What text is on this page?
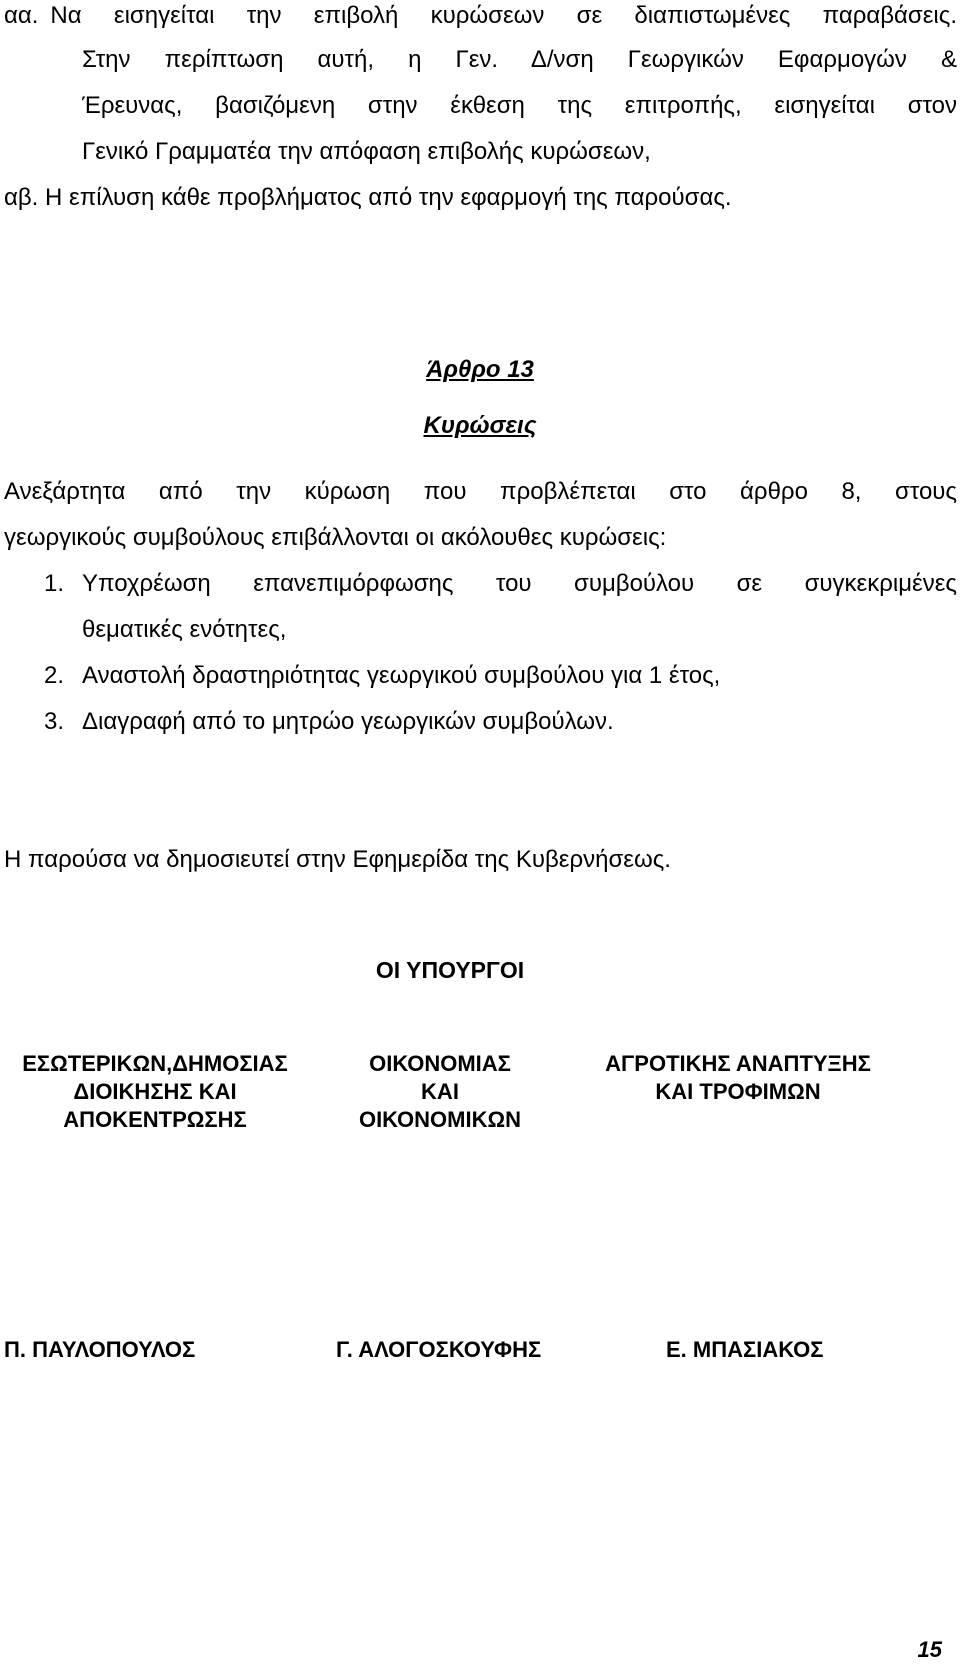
αα. Να εισηγείται την επιβολή κυρώσεων σε διαπιστωμένες παραβάσεις.
Στην περίπτωση αυτή, η Γεν. Δ/νση Γεωργικών Εφαρμογών &
Έρευνας, βασιζόμενη στην έκθεση της επιτροπής, εισηγείται στον
Γενικό Γραμματέα την απόφαση επιβολής κυρώσεων,
αβ. Η επίλυση κάθε προβλήματος από την εφαρμογή της παρούσας.
Άρθρο 13
Κυρώσεις
Ανεξάρτητα από την κύρωση που προβλέπεται στο άρθρο 8, στους
γεωργικούς συμβούλους επιβάλλονται οι ακόλουθες κυρώσεις:
1. Υποχρέωση επανεπιμόρφωσης του συμβούλου σε συγκεκριμένες
θεματικές ενότητες,
2. Αναστολή δραστηριότητας γεωργικού συμβούλου για 1 έτος,
3. Διαγραφή από το μητρώο γεωργικών συμβούλων.
Η παρούσα να δημοσιευτεί στην Εφημερίδα της Κυβερνήσεως.
ΟΙ ΥΠΟΥΡΓΟΙ
ΕΣΩΤΕΡΙΚΩΝ,ΔΗΜΟΣΙΑΣ
ΔΙΟΙΚΗΣΗΣ ΚΑΙ
ΑΠΟΚΕΝΤΡΩΣΗΣ
ΟΙΚΟΝΟΜΙΑΣ
ΚΑΙ
ΟΙΚΟΝΟΜΙΚΩΝ
ΑΓΡΟΤΙΚΗΣ ΑΝΑΠΤΥΞΗΣ
ΚΑΙ ΤΡΟΦΙΜΩΝ
Π. ΠΑΥΛΟΠΟΥΛΟΣ	Γ. ΑΛΟΓΟΣΚΟΥΦΗΣ	Ε. ΜΠΑΣΙΑΚΟΣ
15
